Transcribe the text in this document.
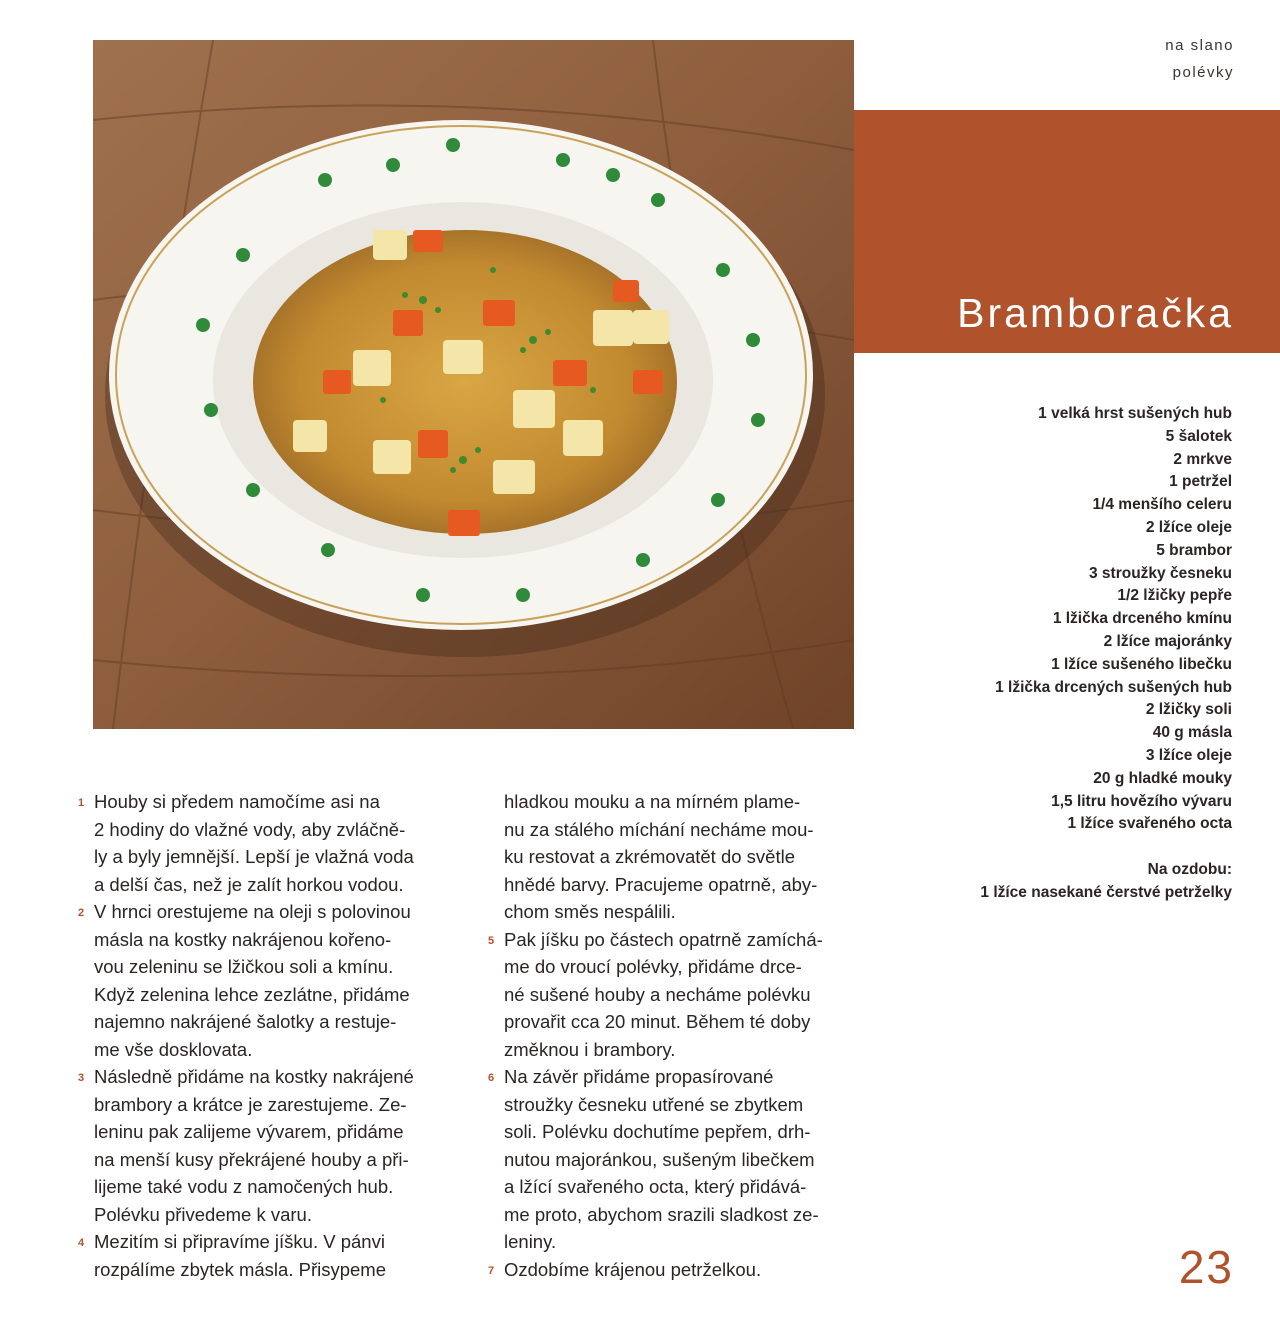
na slano
polévky
Bramboračka
1 velká hrst sušených hub
5 šalotek
2 mrkve
1 petržel
1/4 menšího celeru
2 lžíce oleje
5 brambor
3 stroužky česneku
1/2 lžičky pepře
1 lžička drceného kmínu
2 lžíce majoránky
1 lžíce sušeného libečku
1 lžička drcených sušených hub
2 lžičky soli
40 g másla
3 lžíce oleje
20 g hladké mouky
1,5 litru hovězího vývaru
1 lžíce svařeného octa
Na ozdobu:
1 lžíce nasekané čerstvé petrželky
1 Houby si předem namočíme asi na
2 hodiny do vlažné vody, aby zvláčně-
ly a byly jemnější. Lepší je vlažná voda
a delší čas, než je zalít horkou vodou.
2 V hrnci orestujeme na oleji s polovinou
másla na kostky nakrájenou kořeno-
vou zeleninu se lžičkou soli a kmínu.
Když zelenina lehce zezlátne, přidáme
najemno nakrájené šalotky a restuje-
me vše dosklovata.
3 Následně přidáme na kostky nakrájené
brambory a krátce je zarestujeme. Ze-
leninu pak zalijeme vývarem, přidáme
na menší kusy překrájené houby a při-
lijeme také vodu z namočených hub.
Polévku přivedeme k varu.
4 Mezitím si připravíme jíšku. V pánvi
rozpálíme zbytek másla. Přisypeme
hladkou mouku a na mírném plame-
nu za stálého míchání necháme mou-
ku restovat a zkrémovatět do světle
hnědé barvy. Pracujeme opatrně, aby-
chom směs nespálili.
5 Pak jíšku po částech opatrně zamíchá-
me do vroucí polévky, přidáme drce-
né sušené houby a necháme polévku
provařit cca 20 minut. Během té doby
změknou i brambory.
6 Na závěr přidáme propasírované
stroužky česneku utřené se zbytkem
soli. Polévku dochutíme pepřem, drh-
nutou majoránkou, sušeným libečkem
a lžící svařeného octa, který přidává-
me proto, abychom srazili sladkost ze-
leniny.
7 Ozdobíme krájenou petrželkou.	23
